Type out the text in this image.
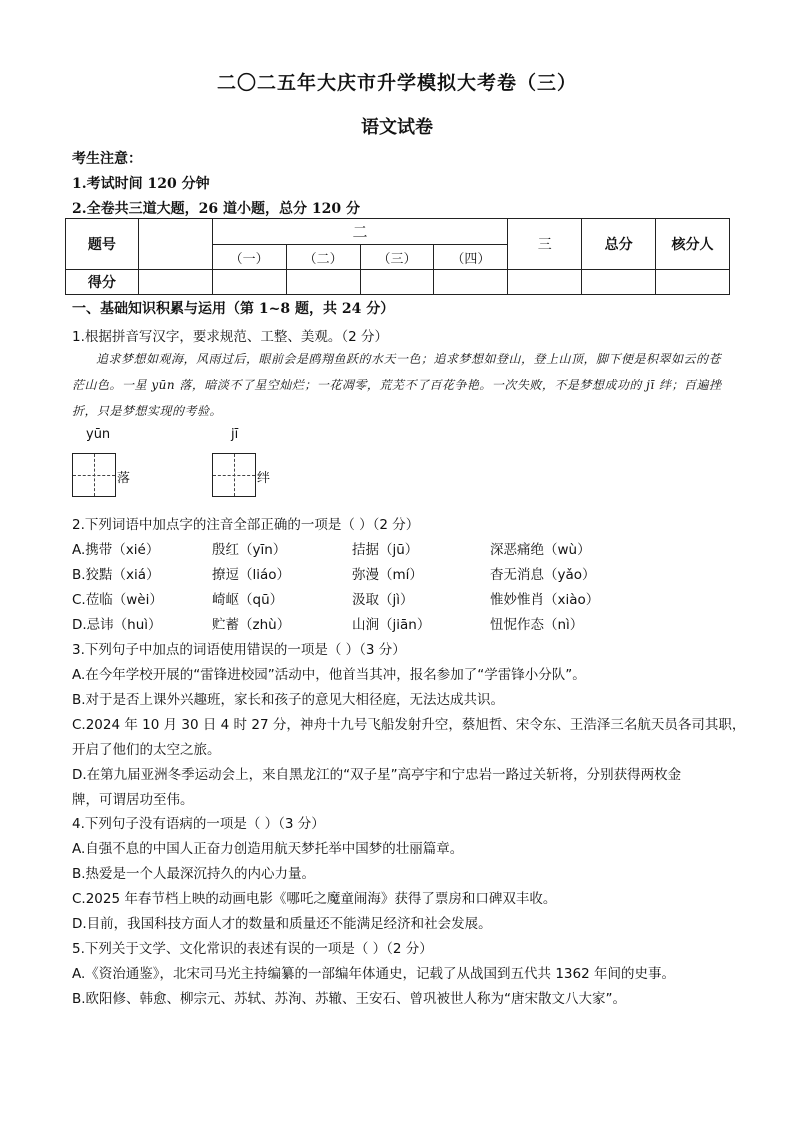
二〇二五年大庆市升学模拟大考卷（三）
语文试卷
考生注意：
1.考试时间 120 分钟
2.全卷共三道大题，26 道小题，总分 120 分
题号		二				三	总分	核分人
		（一）	（二）	（三）	（四）			
得分								
一、基础知识积累与运用（第 1~8 题，共 24 分）
1.根据拼音写汉字，要求规范、工整、美观。（2 分）
追求梦想如观海，风雨过后，眼前会是鸥翔鱼跃的水天一色；追求梦想如登山，登上山顶，脚下便是积翠如云的苍茫山色。一星 yūn 落，暗淡不了星空灿烂；一花凋零，荒芜不了百花争艳。一次失败，不是梦想成功的 jī 绊；百遍挫折，只是梦想实现的考验。
yūn	jī
落	绊
2.下列词语中加点字的注音全部正确的一项是（ ）（2 分）
A.携带（xié）	殷红（yīn）	拮据（jū）	深恶痛绝（wù）
B.狡黠（xiá）	撩逗（liáo）	弥漫（mí）	杳无消息（yǎo）
C.莅临（wèi）	崎岖（qū）	汲取（jì）	惟妙惟肖（xiào）
D.忌讳（huì）	贮蓄（zhù）	山涧（jiān）	忸怩作态（nì）
3.下列句子中加点的词语使用错误的一项是（ ）（3 分）
A.在今年学校开展的“雷锋进校园”活动中，他首当其冲，报名参加了“学雷锋小分队”。
B.对于是否上课外兴趣班，家长和孩子的意见大相径庭，无法达成共识。
C.2024 年 10 月 30 日 4 时 27 分，神舟十九号飞船发射升空，蔡旭哲、宋令东、王浩泽三名航天员各司其职，
开启了他们的太空之旅。
D.在第九届亚洲冬季运动会上，来自黑龙江的“双子星”高亭宇和宁忠岩一路过关斩将，分别获得两枚金
牌，可谓居功至伟。
4.下列句子没有语病的一项是（ ）（3 分）
A.自强不息的中国人正奋力创造用航天梦托举中国梦的壮丽篇章。
B.热爱是一个人最深沉持久的内心力量。
C.2025 年春节档上映的动画电影《哪吒之魔童闹海》获得了票房和口碑双丰收。
D.目前，我国科技方面人才的数量和质量还不能满足经济和社会发展。
5.下列关于文学、文化常识的表述有误的一项是（ ）（2 分）
A.《资治通鉴》，北宋司马光主持编纂的一部编年体通史，记载了从战国到五代共 1362 年间的史事。
B.欧阳修、韩愈、柳宗元、苏轼、苏洵、苏辙、王安石、曾巩被世人称为“唐宋散文八大家”。
